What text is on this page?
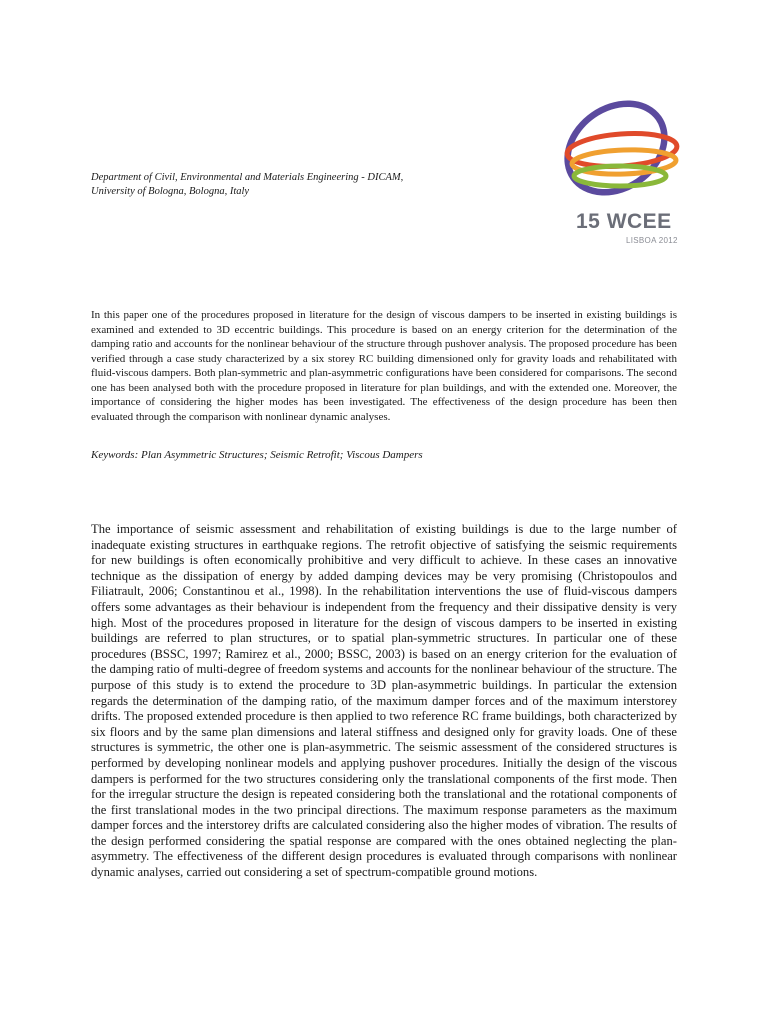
Department of Civil, Environmental and Materials Engineering - DICAM,
University of Bologna, Bologna, Italy
15 WCEE
LISBOA 2012

In this paper one of the procedures proposed in literature for the design of viscous dampers to be inserted in existing buildings is examined and extended to 3D eccentric buildings. This procedure is based on an energy criterion for the determination of the damping ratio and accounts for the nonlinear behaviour of the structure through pushover analysis. The proposed procedure has been verified through a case study characterized by a six storey RC building dimensioned only for gravity loads and rehabilitated with fluid-viscous dampers. Both plan-symmetric and plan-asymmetric configurations have been considered for comparisons. The second one has been analysed both with the procedure proposed in literature for plan buildings, and with the extended one. Moreover, the importance of considering the higher modes has been investigated. The effectiveness of the design procedure has been then evaluated through the comparison with nonlinear dynamic analyses.

Keywords: Plan Asymmetric Structures; Seismic Retrofit; Viscous Dampers

The importance of seismic assessment and rehabilitation of existing buildings is due to the large number of inadequate existing structures in earthquake regions. The retrofit objective of satisfying the seismic requirements for new buildings is often economically prohibitive and very difficult to achieve. In these cases an innovative technique as the dissipation of energy by added damping devices may be very promising (Christopoulos and Filiatrault, 2006; Constantinou et al., 1998). In the rehabilitation interventions the use of fluid-viscous dampers offers some advantages as their behaviour is independent from the frequency and their dissipative density is very high. Most of the procedures proposed in literature for the design of viscous dampers to be inserted in existing buildings are referred to plan structures, or to spatial plan-symmetric structures. In particular one of these procedures (BSSC, 1997; Ramirez et al., 2000; BSSC, 2003) is based on an energy criterion for the evaluation of the damping ratio of multi-degree of freedom systems and accounts for the nonlinear behaviour of the structure. The purpose of this study is to extend the procedure to 3D plan-asymmetric buildings. In particular the extension regards the determination of the damping ratio, of the maximum damper forces and of the maximum interstorey drifts. The proposed extended procedure is then applied to two reference RC frame buildings, both characterized by six floors and by the same plan dimensions and lateral stiffness and designed only for gravity loads. One of these structures is symmetric, the other one is plan-asymmetric. The seismic assessment of the considered structures is performed by developing nonlinear models and applying pushover procedures. Initially the design of the viscous dampers is performed for the two structures considering only the translational components of the first mode. Then for the irregular structure the design is repeated considering both the translational and the rotational components of the first translational modes in the two principal directions. The maximum response parameters as the maximum damper forces and the interstorey drifts are calculated considering also the higher modes of vibration. The results of the design performed considering the spatial response are compared with the ones obtained neglecting the plan-asymmetry. The effectiveness of the different design procedures is evaluated through comparisons with nonlinear dynamic analyses, carried out considering a set of spectrum-compatible ground motions.
